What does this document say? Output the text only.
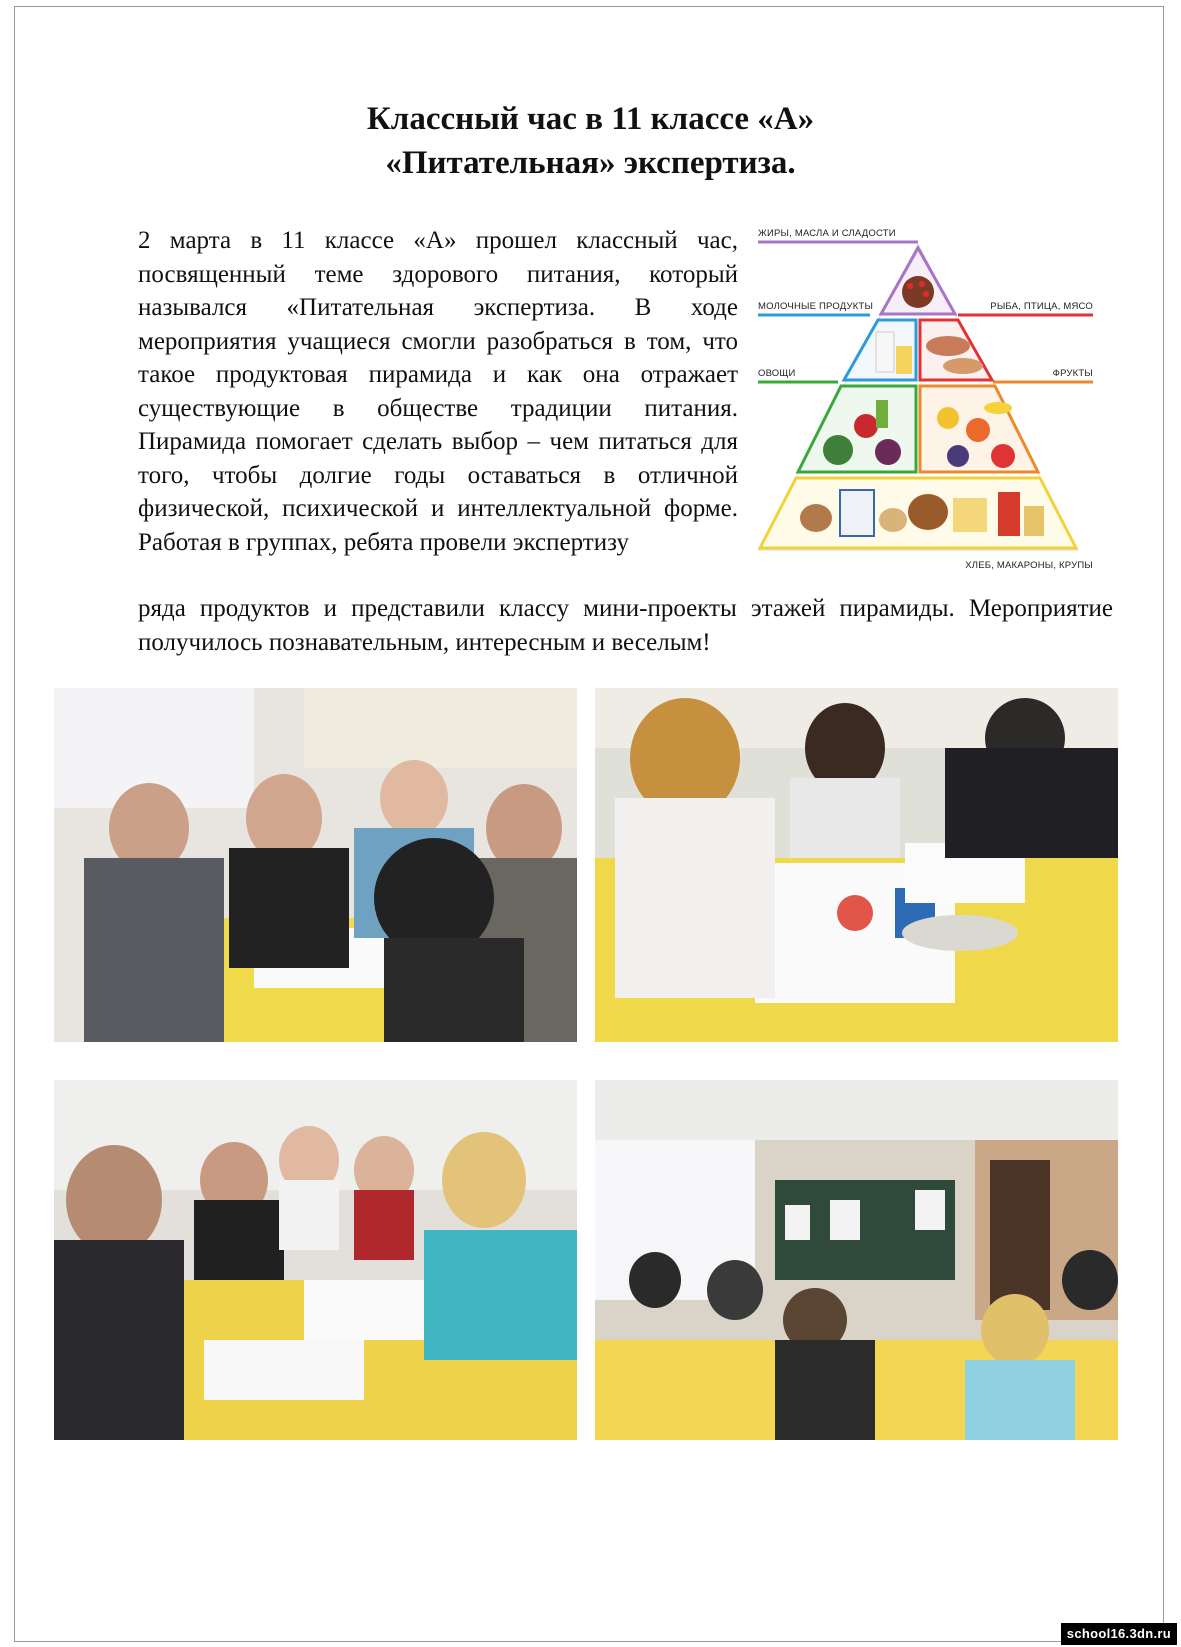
Классный час в 11 классе «А»
«Питательная» экспертиза.

2 марта в 11 классе «А» прошел классный час, посвященный теме здорового питания, который назывался «Питательная экспертиза. В ходе мероприятия учащиеся смогли разобраться в том, что такое продуктовая пирамида и как она отражает существующие в обществе традиции питания. Пирамида помогает сделать выбор – чем питаться для того, чтобы долгие годы оставаться в отличной физической, психической и интеллектуальной форме. Работая в группах, ребята провели экспертизу

ЖИРЫ, МАСЛА И СЛАДОСТИ
МОЛОЧНЫЕ ПРОДУКТЫ	РЫБА, ПТИЦА, МЯСО
ОВОЩИ	ФРУКТЫ
ХЛЕБ, МАКАРОНЫ, КРУПЫ

ряда продуктов и представили классу мини-проекты этажей пирамиды. Мероприятие получилось познавательным, интересным и веселым!

school16.3dn.ru
